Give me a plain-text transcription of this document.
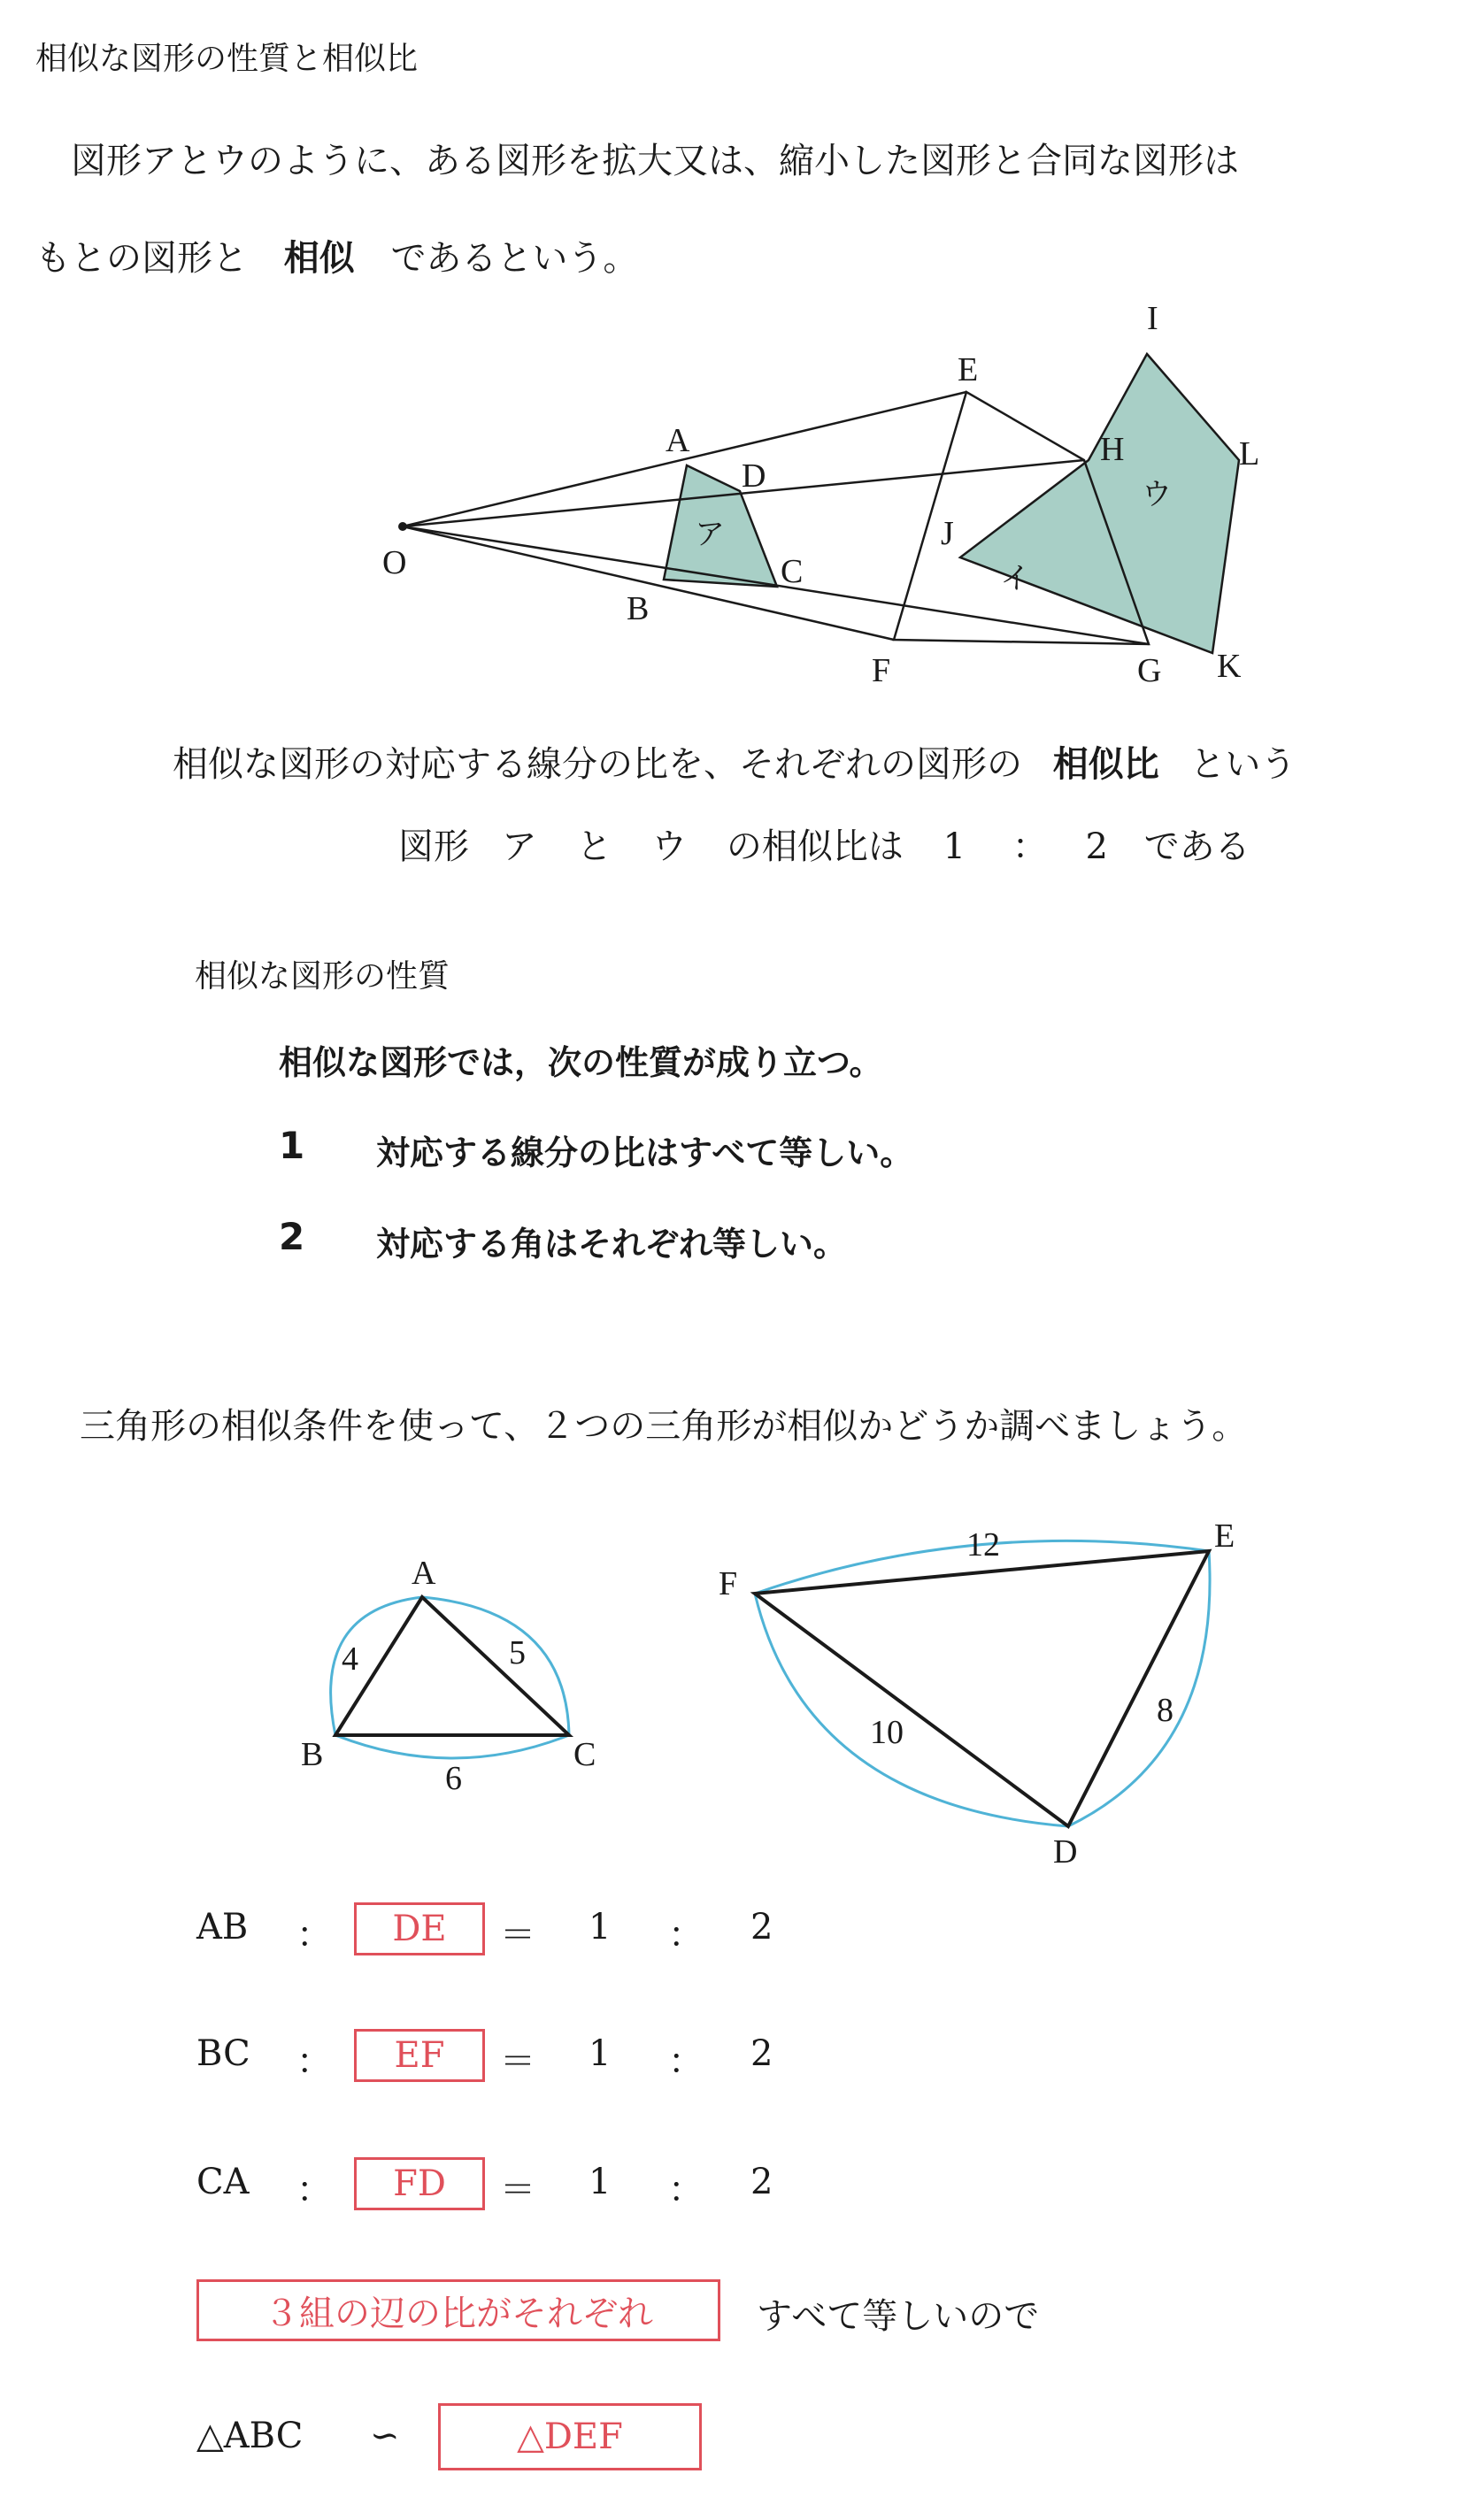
相似な図形の性質と相似比
図形アとウのように、ある図形を拡大又は、縮小した図形と合同な図形は
もとの図形と 相似 であるという。
O
A
B
C
D
E
F	G
H
I
J
K
L
ア
イ
ウ
相似な図形の対応する線分の比を、それぞれの図形の 相似比 という
図形 ア と ウ の相似比は 1 ： 2 である
相似な図形の性質
相似な図形では，次の性質が成り立つ。
1 対応する線分の比はすべて等しい。
2 対応する角はそれぞれ等しい。
三角形の相似条件を使って、２つの三角形が相似かどうか調べましょう。
A
B	C
4	5
6
F
E
D
12
10
8
AB ：	DE	＝ 1 ： 2
BC ：	EF	＝ 1 ： 2
CA ：	FD	＝ 1 ： 2
３組の辺の比がそれぞれ	すべて等しいので
△ABC ∽	△DEF
